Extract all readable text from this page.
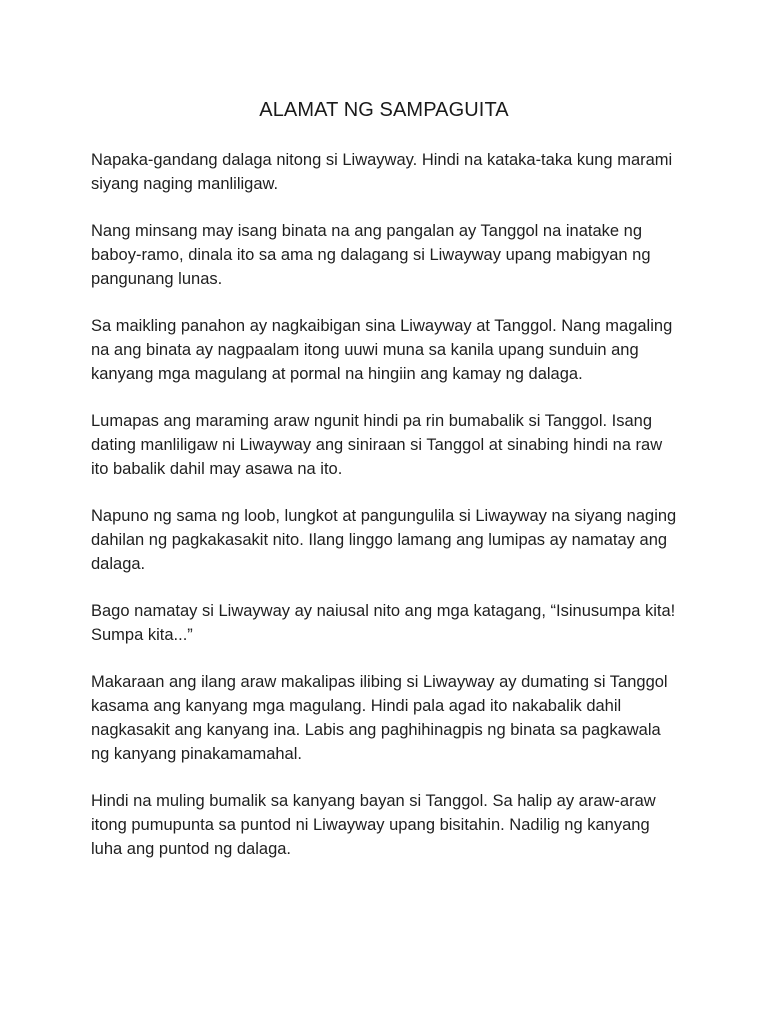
ALAMAT NG SAMPAGUITA

Napaka-gandang dalaga nitong si Liwayway. Hindi na kataka-taka kung marami siyang naging manliligaw.

Nang minsang may isang binata na ang pangalan ay Tanggol na inatake ng baboy-ramo, dinala ito sa ama ng dalagang si Liwayway upang mabigyan ng pangunang lunas.

Sa maikling panahon ay nagkaibigan sina Liwayway at Tanggol. Nang magaling na ang binata ay nagpaalam itong uuwi muna sa kanila upang sunduin ang kanyang mga magulang at pormal na hingiin ang kamay ng dalaga.

Lumapas ang maraming araw ngunit hindi pa rin bumabalik si Tanggol. Isang dating manliligaw ni Liwayway ang siniraan si Tanggol at sinabing hindi na raw ito babalik dahil may asawa na ito.

Napuno ng sama ng loob, lungkot at pangungulila si Liwayway na siyang naging dahilan ng pagkakasakit nito. Ilang linggo lamang ang lumipas ay namatay ang dalaga.

Bago namatay si Liwayway ay naiusal nito ang mga katagang, “Isinusumpa kita! Sumpa kita...”

Makaraan ang ilang araw makalipas ilibing si Liwayway ay dumating si Tanggol kasama ang kanyang mga magulang. Hindi pala agad ito nakabalik dahil nagkasakit ang kanyang ina. Labis ang paghihinagpis ng binata sa pagkawala ng kanyang pinakamamahal.

Hindi na muling bumalik sa kanyang bayan si Tanggol. Sa halip ay araw-araw itong pumupunta sa puntod ni Liwayway upang bisitahin. Nadilig ng kanyang luha ang puntod ng dalaga.
